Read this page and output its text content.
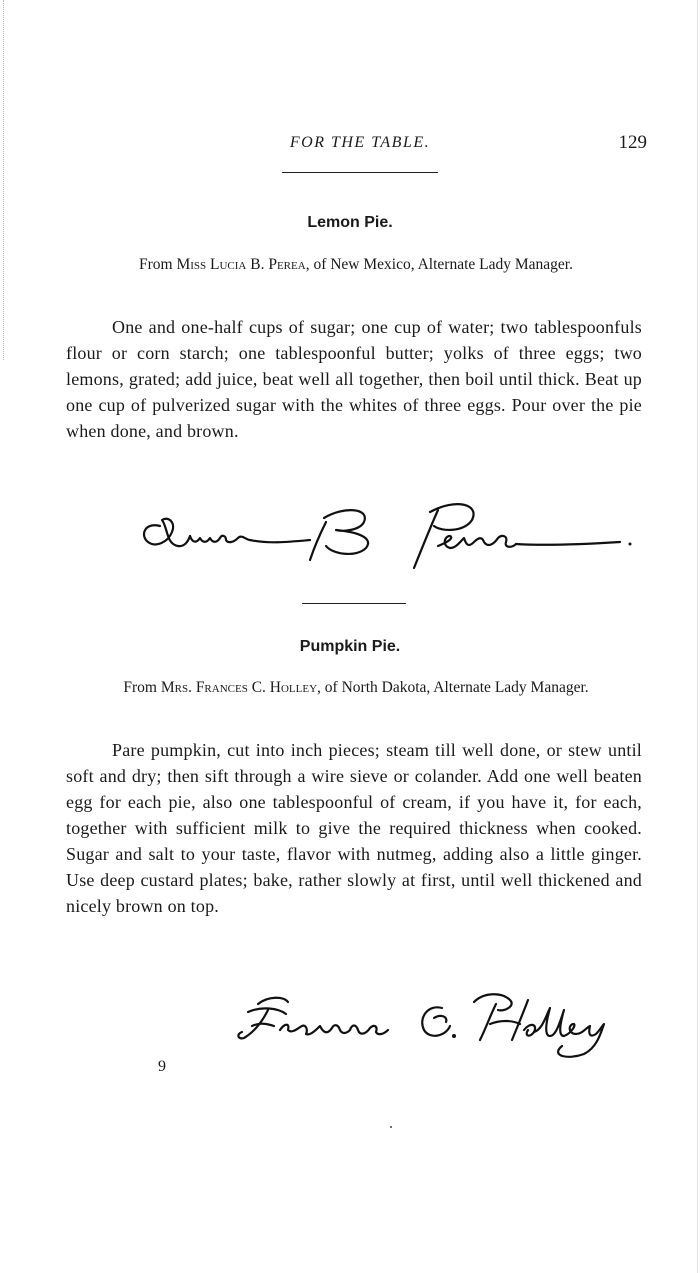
FOR THE TABLE.	129
Lemon Pie.
From Miss Lucia B. Perea, of New Mexico, Alternate Lady Manager.

One and one-half cups of sugar; one cup of water; two tablespoonfuls flour or corn starch; one tablespoonful butter; yolks of three eggs; two lemons, grated; add juice, beat well all together, then boil until thick. Beat up one cup of pulverized sugar with the whites of three eggs. Pour over the pie when done, and brown.

Pumpkin Pie.
From Mrs. Frances C. Holley, of North Dakota, Alternate Lady Manager.

Pare pumpkin, cut into inch pieces; steam till well done, or stew until soft and dry; then sift through a wire sieve or colander. Add one well beaten egg for each pie, also one tablespoonful of cream, if you have it, for each, together with sufficient milk to give the required thickness when cooked. Sugar and salt to your taste, flavor with nutmeg, adding also a little ginger. Use deep custard plates; bake, rather slowly at first, until well thickened and nicely brown on top.

9
